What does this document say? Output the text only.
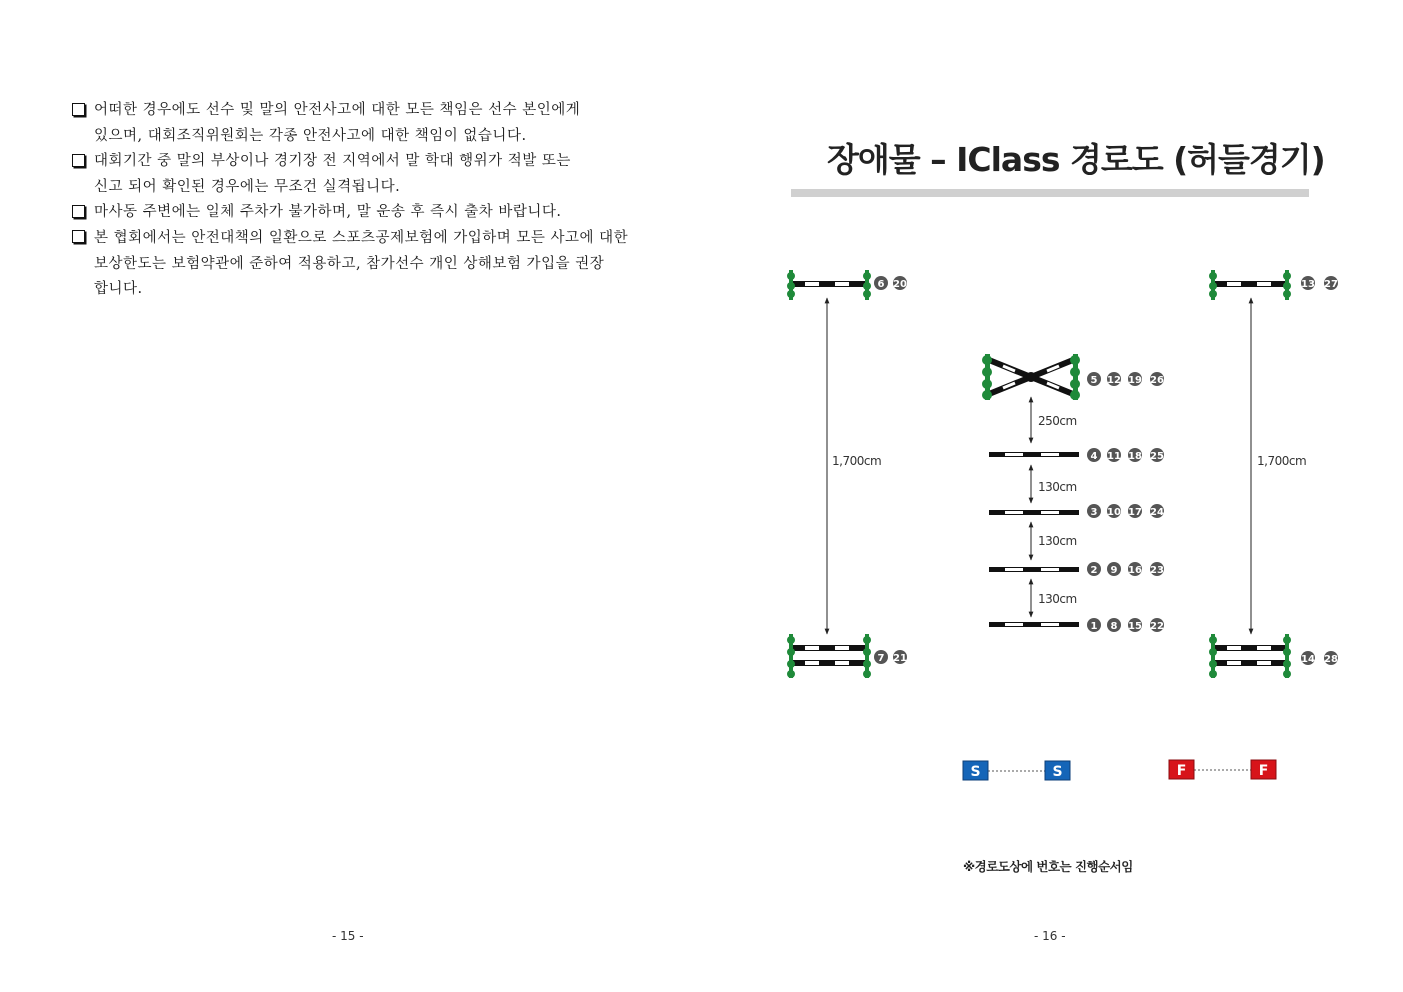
어떠한 경우에도 선수 및 말의 안전사고에 대한 모든 책임은 선수 본인에게
있으며, 대회조직위원회는 각종 안전사고에 대한 책임이 없습니다.
대회기간 중 말의 부상이나 경기장 전 지역에서 말 학대 행위가 적발 또는
신고 되어 확인된 경우에는 무조건 실격됩니다.
마사동 주변에는 일체 주차가 불가하며, 말 운송 후 즉시 출차 바랍니다.
본 협회에서는 안전대책의 일환으로 스포츠공제보험에 가입하며 모든 사고에 대한
보상한도는 보험약관에 준하여 적용하고, 참가선수 개인 상해보험 가입을 권장
합니다.
- 15 -
장애물 – IClass 경로도 (허들경기)
6 20
1,700cm
7 21
13 27
1,700cm
14 28
5 12 19 26
250cm
4 11 18 25
130cm
3 10 17 24
130cm
2 9 16 23
130cm
1 8 15 22
S	S	F	F
※경로도상에 번호는 진행순서임
- 16 -
